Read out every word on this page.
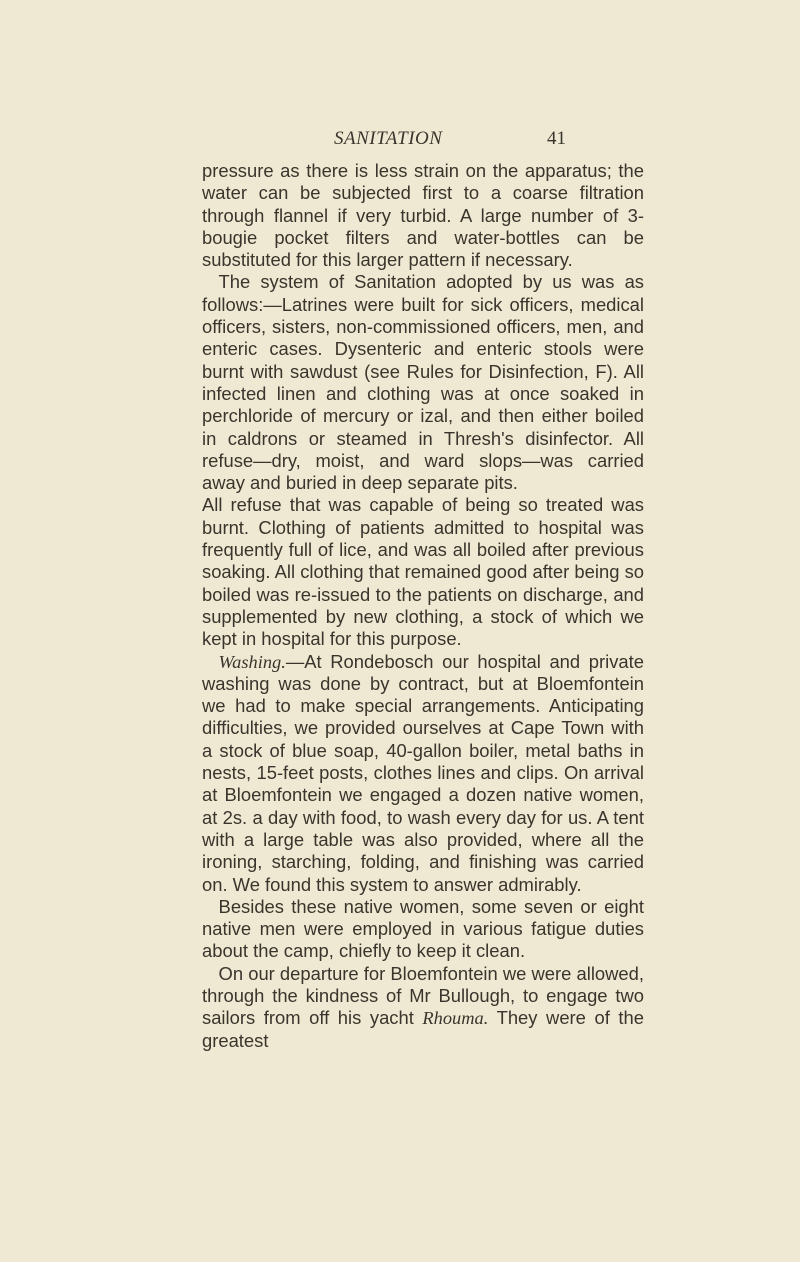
SANITATION	41

pressure as there is less strain on the apparatus; the water can be subjected first to a coarse filtration through flannel if very turbid. A large number of 3-bougie pocket filters and water-bottles can be substituted for this larger pattern if necessary.

The system of Sanitation adopted by us was as follows:—Latrines were built for sick officers, medical officers, sisters, non-commissioned officers, men, and enteric cases. Dysenteric and enteric stools were burnt with sawdust (see Rules for Disinfection, F). All infected linen and clothing was at once soaked in perchloride of mercury or izal, and then either boiled in caldrons or steamed in Thresh's disinfector. All refuse—dry, moist, and ward slops—was carried away and buried in deep separate pits.

All refuse that was capable of being so treated was burnt. Clothing of patients admitted to hospital was frequently full of lice, and was all boiled after previous soaking. All clothing that remained good after being so boiled was re-issued to the patients on discharge, and supplemented by new clothing, a stock of which we kept in hospital for this purpose.

Washing.—At Rondebosch our hospital and private washing was done by contract, but at Bloemfontein we had to make special arrangements. Anticipating difficulties, we provided ourselves at Cape Town with a stock of blue soap, 40-gallon boiler, metal baths in nests, 15-feet posts, clothes lines and clips. On arrival at Bloemfontein we engaged a dozen native women, at 2s. a day with food, to wash every day for us. A tent with a large table was also provided, where all the ironing, starching, folding, and finishing was carried on. We found this system to answer admirably.

Besides these native women, some seven or eight native men were employed in various fatigue duties about the camp, chiefly to keep it clean.

On our departure for Bloemfontein we were allowed, through the kindness of Mr Bullough, to engage two sailors from off his yacht Rhouma. They were of the greatest
